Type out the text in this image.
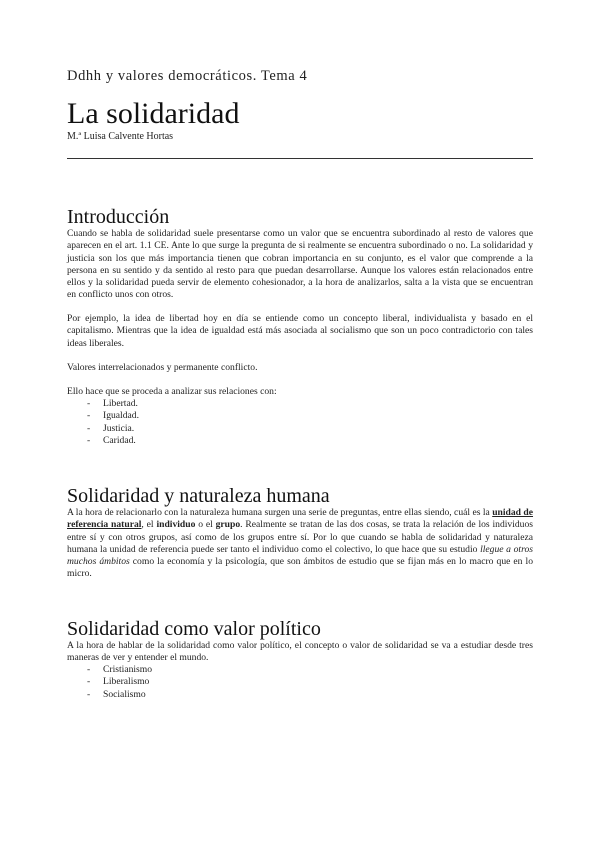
Ddhh y valores democráticos. Tema 4
La solidaridad
M.ª Luisa Calvente Hortas
Introducción

Cuando se habla de solidaridad suele presentarse como un valor que se encuentra subordinado al resto de valores que aparecen en el art. 1.1 CE. Ante lo que surge la pregunta de si realmente se encuentra subordinado o no. La solidaridad y justicia son los que más importancia tienen que cobran importancia en su conjunto, es el valor que comprende a la persona en su sentido y da sentido al resto para que puedan desarrollarse. Aunque los valores están relacionados entre ellos y la solidaridad pueda servir de elemento cohesionador, a la hora de analizarlos, salta a la vista que se encuentran en conflicto unos con otros.

Por ejemplo, la idea de libertad hoy en día se entiende como un concepto liberal, individualista y basado en el capitalismo. Mientras que la idea de igualdad está más asociada al socialismo que son un poco contradictorio con tales ideas liberales.

Valores interrelacionados y permanente conflicto.
Ello hace que se proceda a analizar sus relaciones con:
- Libertad.
- Igualdad.
- Justicia.
- Caridad.
Solidaridad y naturaleza humana

A la hora de relacionarlo con la naturaleza humana surgen una serie de preguntas, entre ellas siendo, cuál es la unidad de referencia natural, el individuo o el grupo. Realmente se tratan de las dos cosas, se trata la relación de los individuos entre sí y con otros grupos, así como de los grupos entre sí. Por lo que cuando se habla de solidaridad y naturaleza humana la unidad de referencia puede ser tanto el individuo como el colectivo, lo que hace que su estudio llegue a otros muchos ámbitos como la economía y la psicología, que son ámbitos de estudio que se fijan más en lo macro que en lo micro.

Solidaridad como valor político

A la hora de hablar de la solidaridad como valor político, el concepto o valor de solidaridad se va a estudiar desde tres maneras de ver y entender el mundo.

- Cristianismo
- Liberalismo
- Socialismo
